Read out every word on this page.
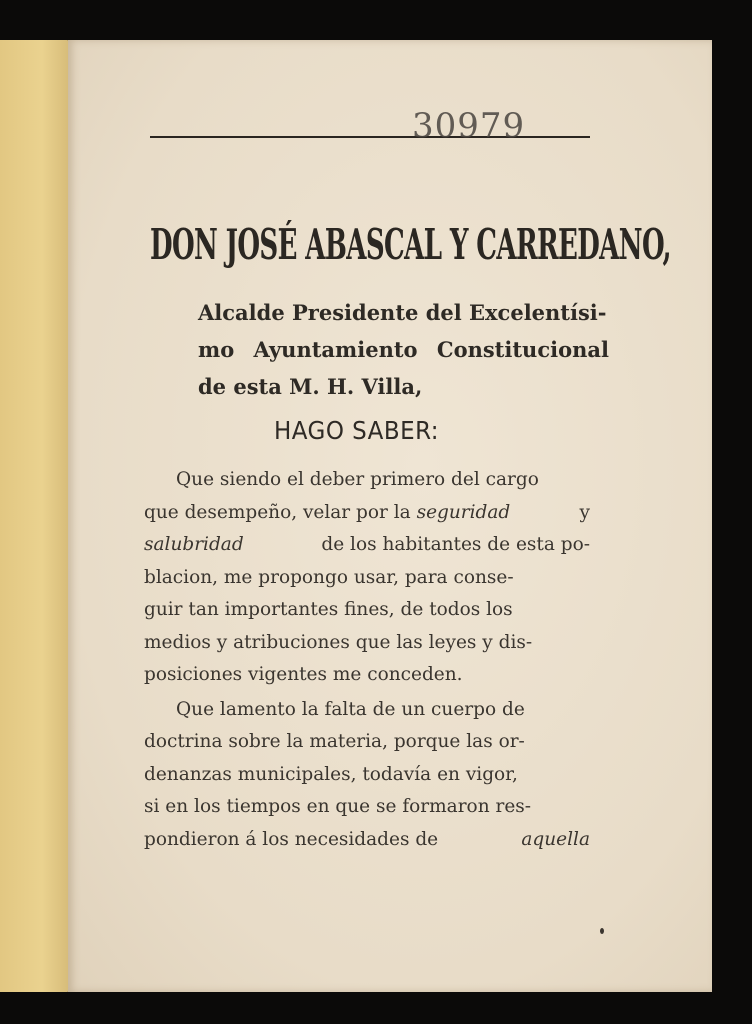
30979
DON JOSÉ ABASCAL Y CARREDANO,
Alcalde Presidente del Excelentísi-
mo Ayuntamiento Constitucional
de esta M. H. Villa,
HAGO SABER:
Que siendo el deber primero del cargo
que desempeño, velar por la seguridad	y
salubridad	de los habitantes de esta po-
blacion, me propongo usar, para conse-
guir tan importantes fines, de todos los
medios y atribuciones que las leyes y dis-
posiciones vigentes me conceden.
Que lamento la falta de un cuerpo de
doctrina sobre la materia, porque las or-
denanzas municipales, todavía en vigor,
si en los tiempos en que se formaron res-
pondieron á los necesidades de	aquella
